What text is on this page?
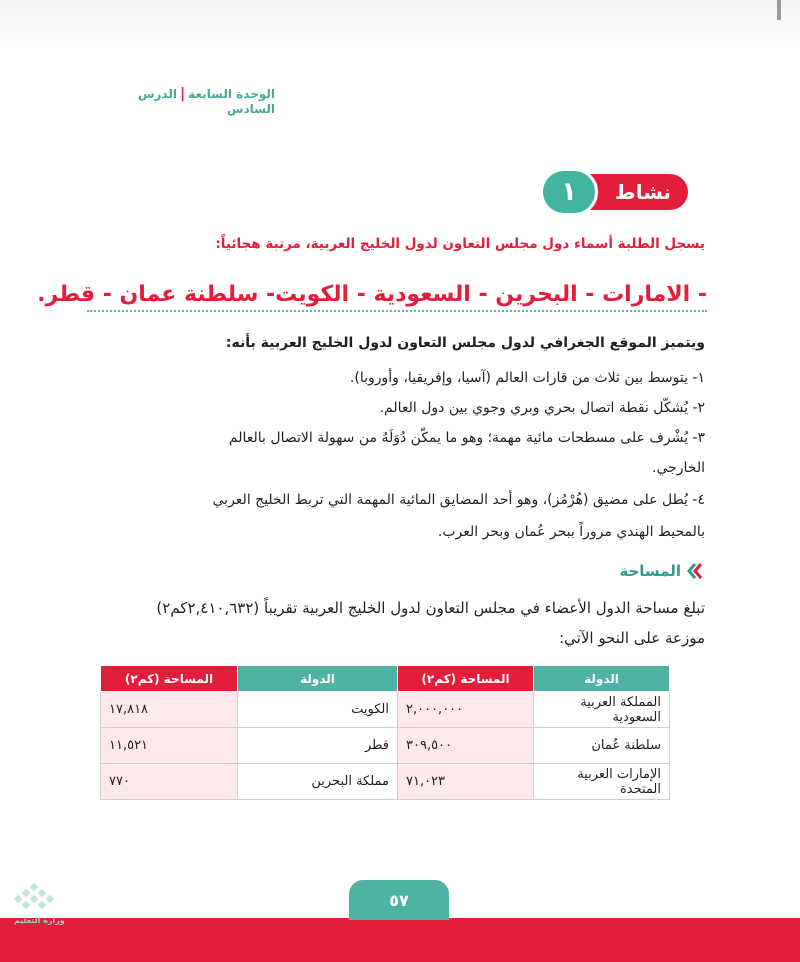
الوحدة السابعة|الدرس السادس
نشاط
١
يسجل الطلبة أسماء دول مجلس التعاون لدول الخليج العربية، مرتبة هجائياً:
- الامارات - البحرين - السعودية - الكويت- سلطنة عمان - قطر.
ويتميز الموقع الجغرافي لدول مجلس التعاون لدول الخليج العربية بأنه:
١- يتوسط بين ثلاث من قارات العالم (آسيا، وإفريقيا، وأوروبا).
٢- يُشكّل نقطة اتصال بحري وبري وجوي بين دول العالم.
٣- يُشْرف على مسطحات مائية مهمة؛ وهو ما يمكّن دُوَلَهُ من سهولة الاتصال بالعالم
الخارجي.
٤- يُطل على مضيق (هُرْمُز)، وهو أحد المضايق المائية المهمة التي تربط الخليج العربي
بالمحيط الهندي مروراً ببحر عُمان وبحر العرب.
المساحة
تبلغ مساحة الدول الأعضاء في مجلس التعاون لدول الخليج العربية تقريباً (٢,٤١٠,٦٣٢كم٢)
موزعة على النحو الآتي:
الدولة	المساحة (كم٢)	الدولة	المساحة (كم٢)
المملكة العربية السعودية	٢,٠٠٠,٠٠٠	الكويت	١٧,٨١٨
سلطنة عُمان	٣٠٩,٥٠٠	قطر	١١,٥٢١
الإمارات العربية المتحدة	٧١,٠٢٣	مملكة البحرين	٧٧٠
٥٧
وزارة التعليم
